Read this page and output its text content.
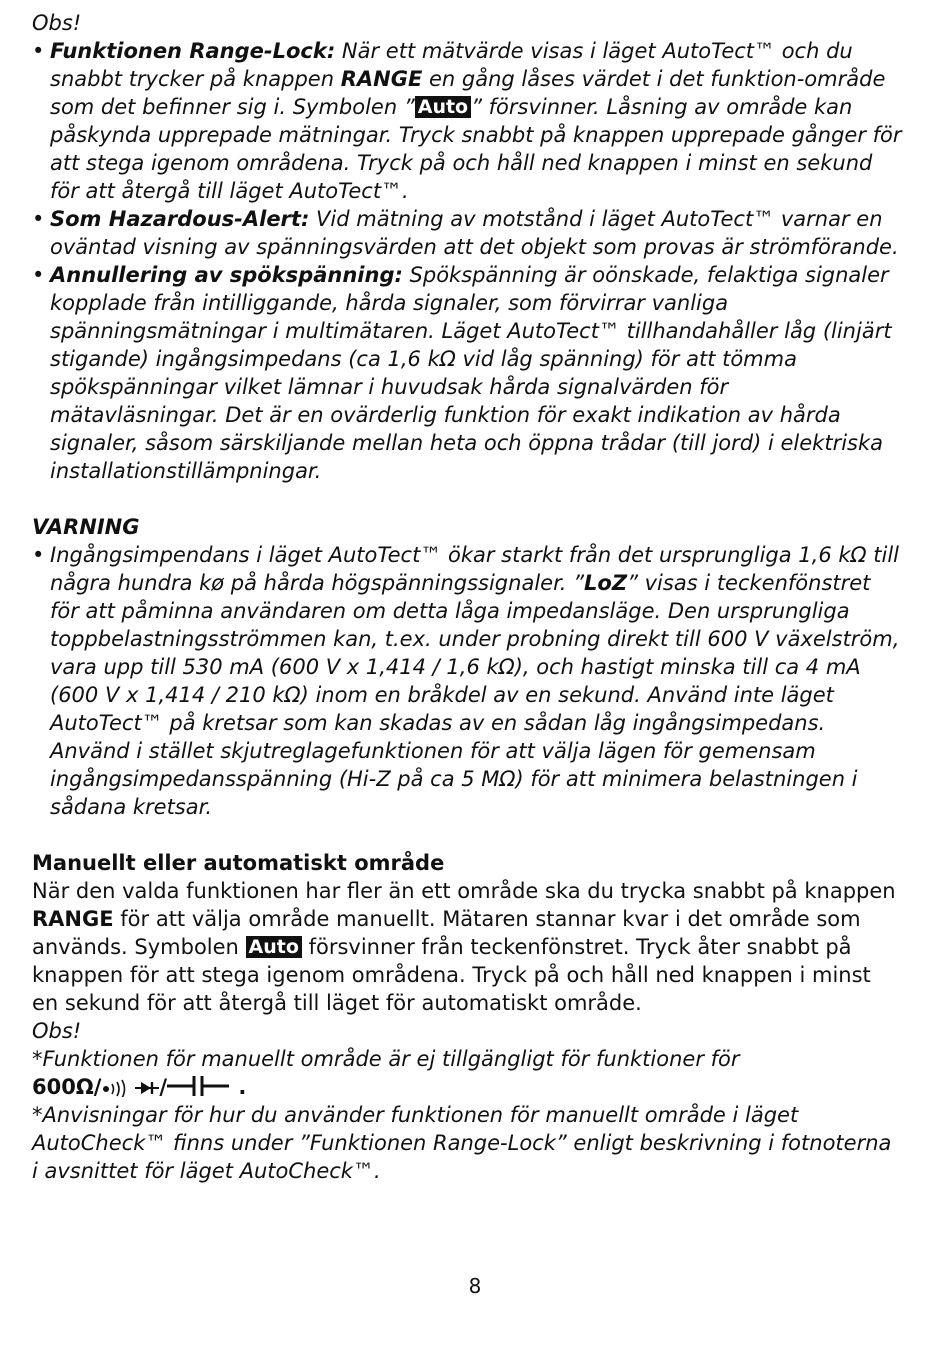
Obs!

• Funktionen Range-Lock: När ett mätvärde visas i läget AutoTect™ och du snabbt trycker på knappen RANGE en gång låses värdet i det funktion-område som det befinner sig i. Symbolen ” Auto ” försvinner. Låsning av område kan påskynda upprepade mätningar. Tryck snabbt på knappen upprepade gånger för att stega igenom områdena. Tryck på och håll ned knappen i minst en sekund för att återgå till läget AutoTect™.
• Som Hazardous-Alert: Vid mätning av motstånd i läget AutoTect™ varnar en oväntad visning av spänningsvärden att det objekt som provas är strömförande.
• Annullering av spökspänning: Spökspänning är oönskade, felaktiga signaler kopplade från intilliggande, hårda signaler, som förvirrar vanliga spänningsmätningar i multimätaren. Läget AutoTect™ tillhandahåller låg (linjärt stigande) ingångsimpedans (ca 1,6 kΩ vid låg spänning) för att tömma spökspänningar vilket lämnar i huvudsak hårda signalvärden för mätavläsningar. Det är en ovärderlig funktion för exakt indikation av hårda signaler, såsom särskiljande mellan heta och öppna trådar (till jord) i elektriska installationstillämpningar.

VARNING

• Ingångsimpendans i läget AutoTect™ ökar starkt från det ursprungliga 1,6 kΩ till några hundra kø på hårda högspänningssignaler. ”LoZ” visas i teckenfönstret för att påminna användaren om detta låga impedansläge. Den ursprungliga toppbelastningsströmmen kan, t.ex. under probning direkt till 600 V växelström, vara upp till 530 mA (600 V x 1,414 / 1,6 kΩ), och hastigt minska till ca 4 mA (600 V x 1,414 / 210 kΩ) inom en bråkdel av en sekund. Använd inte läget AutoTect™ på kretsar som kan skadas av en sådan låg ingångsimpedans. Använd i stället skjutreglagefunktionen för att välja lägen för gemensam ingångsimpedansspänning (Hi-Z på ca 5 MΩ) för att minimera belastningen i sådana kretsar.

Manuellt eller automatiskt område

När den valda funktionen har fler än ett område ska du trycka snabbt på knappen RANGE för att välja område manuellt. Mätaren stannar kvar i det område som används. Symbolen Auto försvinner från teckenfönstret. Tryck åter snabbt på knappen för att stega igenom områdena. Tryck på och håll ned knappen i minst en sekund för att återgå till läget för automatiskt område.

Obs!

*Funktionen för manuellt område är ej tillgängligt för funktioner för

600Ω/	/	.

*Anvisningar för hur du använder funktionen för manuellt område i läget AutoCheck™ finns under ”Funktionen Range-Lock” enligt beskrivning i fotnoterna i avsnittet för läget AutoCheck™.

8
